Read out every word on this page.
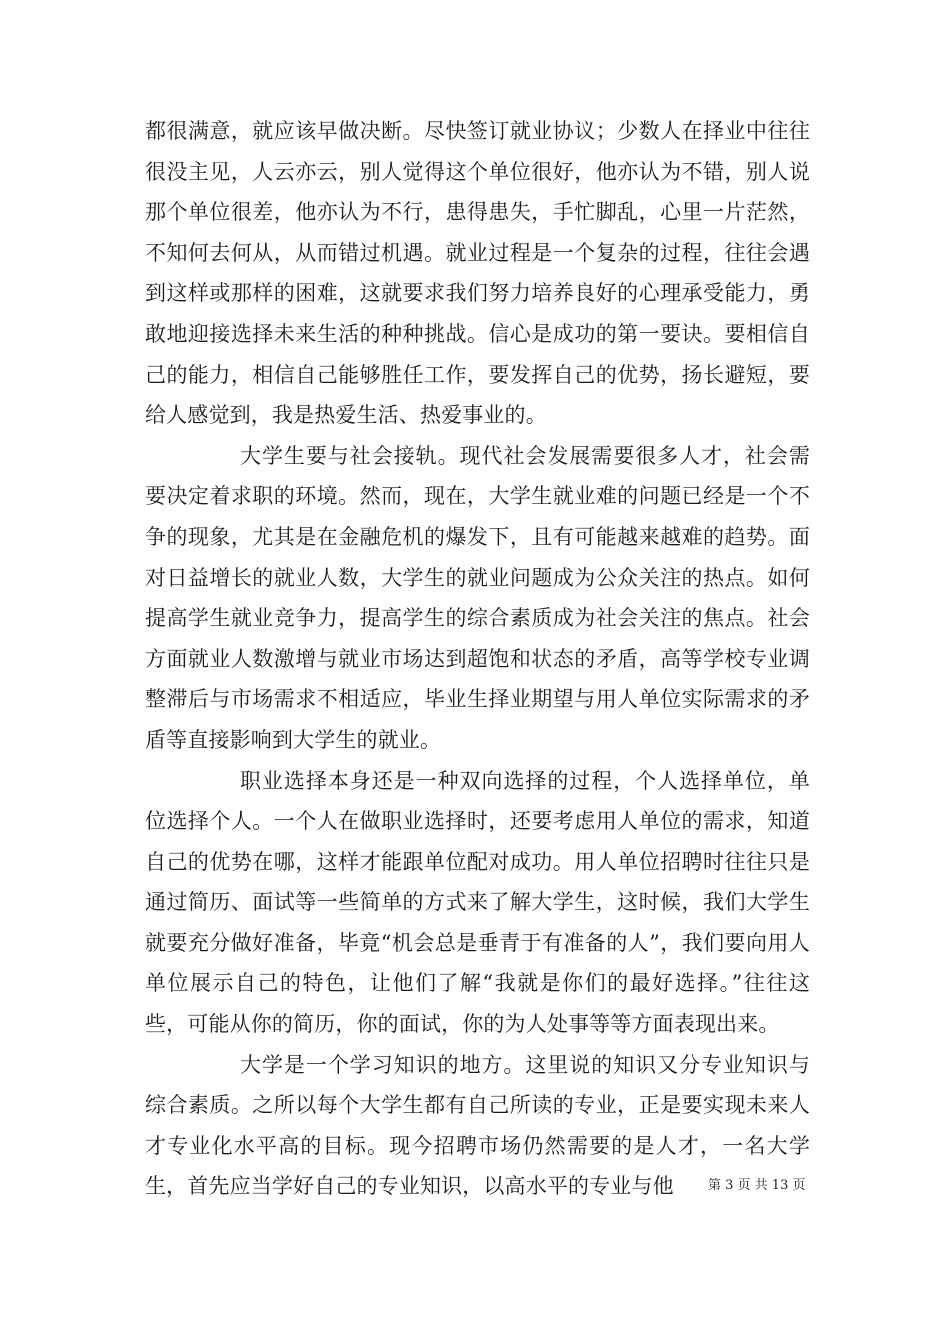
都很满意，就应该早做决断。尽快签订就业协议；少数人在择业中往往很没主见，人云亦云，别人觉得这个单位很好，他亦认为不错，别人说那个单位很差，他亦认为不行，患得患失，手忙脚乱，心里一片茫然，不知何去何从，从而错过机遇。就业过程是一个复杂的过程，往往会遇到这样或那样的困难，这就要求我们努力培养良好的心理承受能力，勇敢地迎接选择未来生活的种种挑战。信心是成功的第一要诀。要相信自己的能力，相信自己能够胜任工作，要发挥自己的优势，扬长避短，要给人感觉到，我是热爱生活、热爱事业的。

大学生要与社会接轨。现代社会发展需要很多人才，社会需要决定着求职的环境。然而，现在，大学生就业难的问题已经是一个不争的现象，尤其是在金融危机的爆发下，且有可能越来越难的趋势。面对日益增长的就业人数，大学生的就业问题成为公众关注的热点。如何提高学生就业竞争力，提高学生的综合素质成为社会关注的焦点。社会方面就业人数激增与就业市场达到超饱和状态的矛盾，高等学校专业调整滞后与市场需求不相适应，毕业生择业期望与用人单位实际需求的矛盾等直接影响到大学生的就业。

职业选择本身还是一种双向选择的过程，个人选择单位，单位选择个人。一个人在做职业选择时，还要考虑用人单位的需求，知道自己的优势在哪，这样才能跟单位配对成功。用人单位招聘时往往只是通过简历、面试等一些简单的方式来了解大学生，这时候，我们大学生就要充分做好准备，毕竟“机会总是垂青于有准备的人”，我们要向用人单位展示自己的特色，让他们了解“我就是你们的最好选择。”往往这些，可能从你的简历，你的面试，你的为人处事等等方面表现出来。

大学是一个学习知识的地方。这里说的知识又分专业知识与综合素质。之所以每个大学生都有自己所读的专业，正是要实现未来人才专业化水平高的目标。现今招聘市场仍然需要的是人才，一名大学生，首先应当学好自己的专业知识，以高水平的专业与他	第 3 页 共 13 页
